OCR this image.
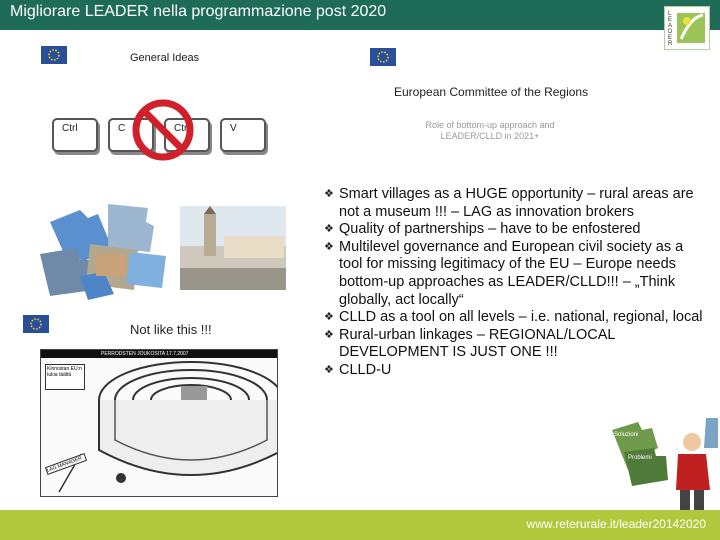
Migliorare LEADER nella programmazione post 2020	LEADER
General Ideas
Ctrl	C	Ctrl	V
Not like this !!!
PERRODSTEN JOUKOSITA 17.7.2007
Kinnostan EU:n tukia täältä
LAG MANAGER
European Committee of the Regions
Role of bottom-up approach and LEADER/CLLD in 2021+
❖ Smart villages as a HUGE opportunity – rural areas are not a museum !!! – LAG as innovation brokers
❖ Quality of partnerships – have to be enfostered
❖ Multilevel governance and European civil society as a tool for missing legitimacy of the EU – Europe needs bottom-up approaches as LEADER/CLLD!!! – „Think globally, act locally“
❖ CLLD as a tool on all levels – i.e. national, regional, local
❖ Rural-urban linkages – REGIONAL/LOCAL DEVELOPMENT IS JUST ONE !!!
❖ CLLD-U
Soluzioni
Problemi
www.reterurale.it/leader20142020
